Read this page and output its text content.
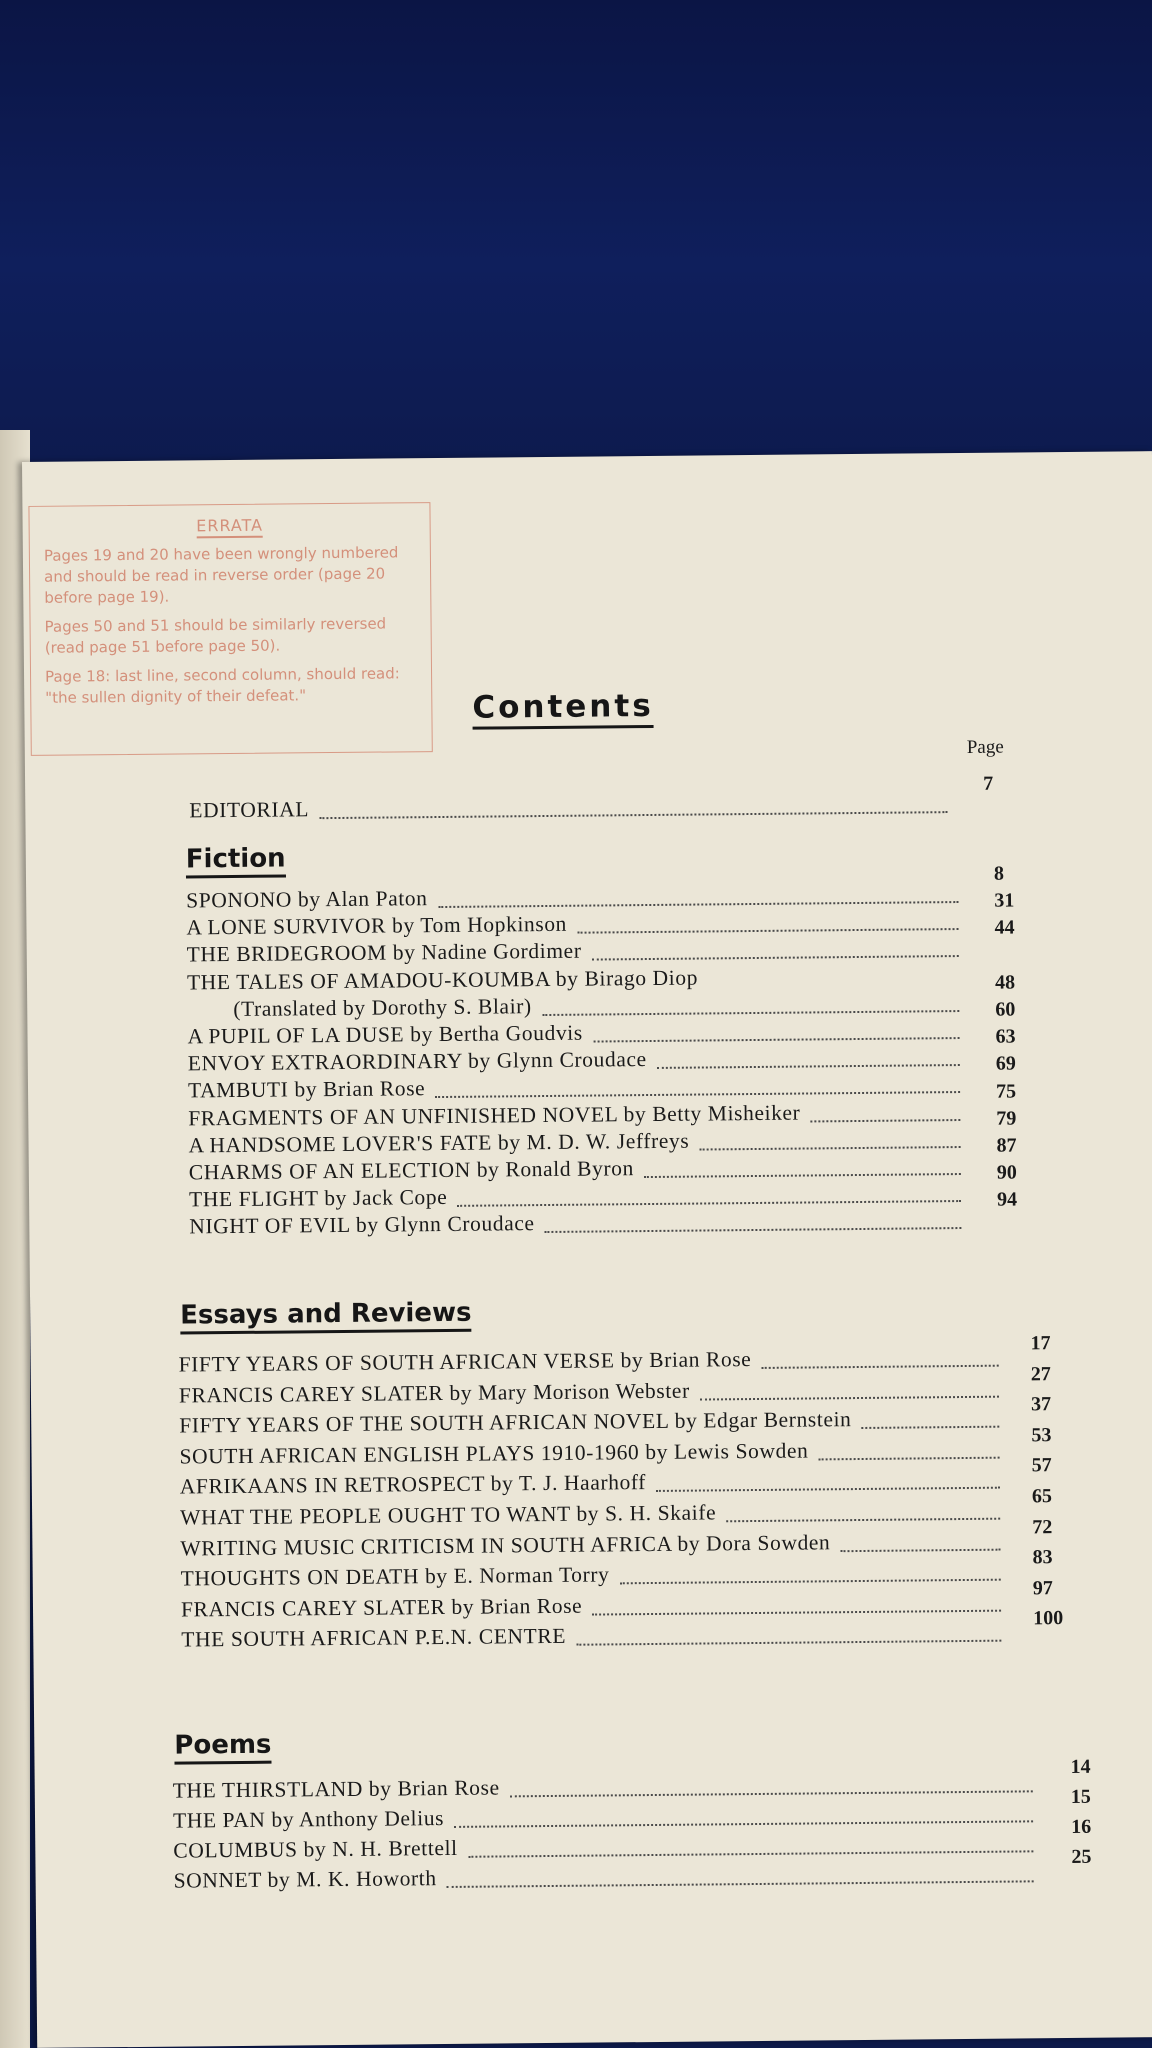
ERRATA

Pages 19 and 20 have been wrongly numbered and should be read in reverse order (page 20 before page 19).

Pages 50 and 51 should be similarly reversed (read page 51 before page 50).

Page 18: last line, second column, should read: "the sullen dignity of their defeat."	Contents
Page
EDITORIAL
7
Fiction
SPONONO by Alan Paton
8
A LONE SURVIVOR by Tom Hopkinson
31
THE BRIDEGROOM by Nadine Gordimer
44
THE TALES OF AMADOU-KOUMBA by Birago Diop
(Translated by Dorothy S. Blair)
48
A PUPIL OF LA DUSE by Bertha Goudvis
60
ENVOY EXTRAORDINARY by Glynn Croudace
63
TAMBUTI by Brian Rose
69
FRAGMENTS OF AN UNFINISHED NOVEL by Betty Misheiker
75
A HANDSOME LOVER'S FATE by M. D. W. Jeffreys
79
CHARMS OF AN ELECTION by Ronald Byron
87
THE FLIGHT by Jack Cope
90
NIGHT OF EVIL by Glynn Croudace
94
Essays and Reviews
FIFTY YEARS OF SOUTH AFRICAN VERSE by Brian Rose
17
FRANCIS CAREY SLATER by Mary Morison Webster
27
FIFTY YEARS OF THE SOUTH AFRICAN NOVEL by Edgar Bernstein
37
SOUTH AFRICAN ENGLISH PLAYS 1910-1960 by Lewis Sowden
53
AFRIKAANS IN RETROSPECT by T. J. Haarhoff
57
WHAT THE PEOPLE OUGHT TO WANT by S. H. Skaife
65
WRITING MUSIC CRITICISM IN SOUTH AFRICA by Dora Sowden
72
THOUGHTS ON DEATH by E. Norman Torry
83
FRANCIS CAREY SLATER by Brian Rose
97
THE SOUTH AFRICAN P.E.N. CENTRE
100
Poems
THE THIRSTLAND by Brian Rose
14
THE PAN by Anthony Delius
15
COLUMBUS by N. H. Brettell
16
SONNET by M. K. Howorth
25
